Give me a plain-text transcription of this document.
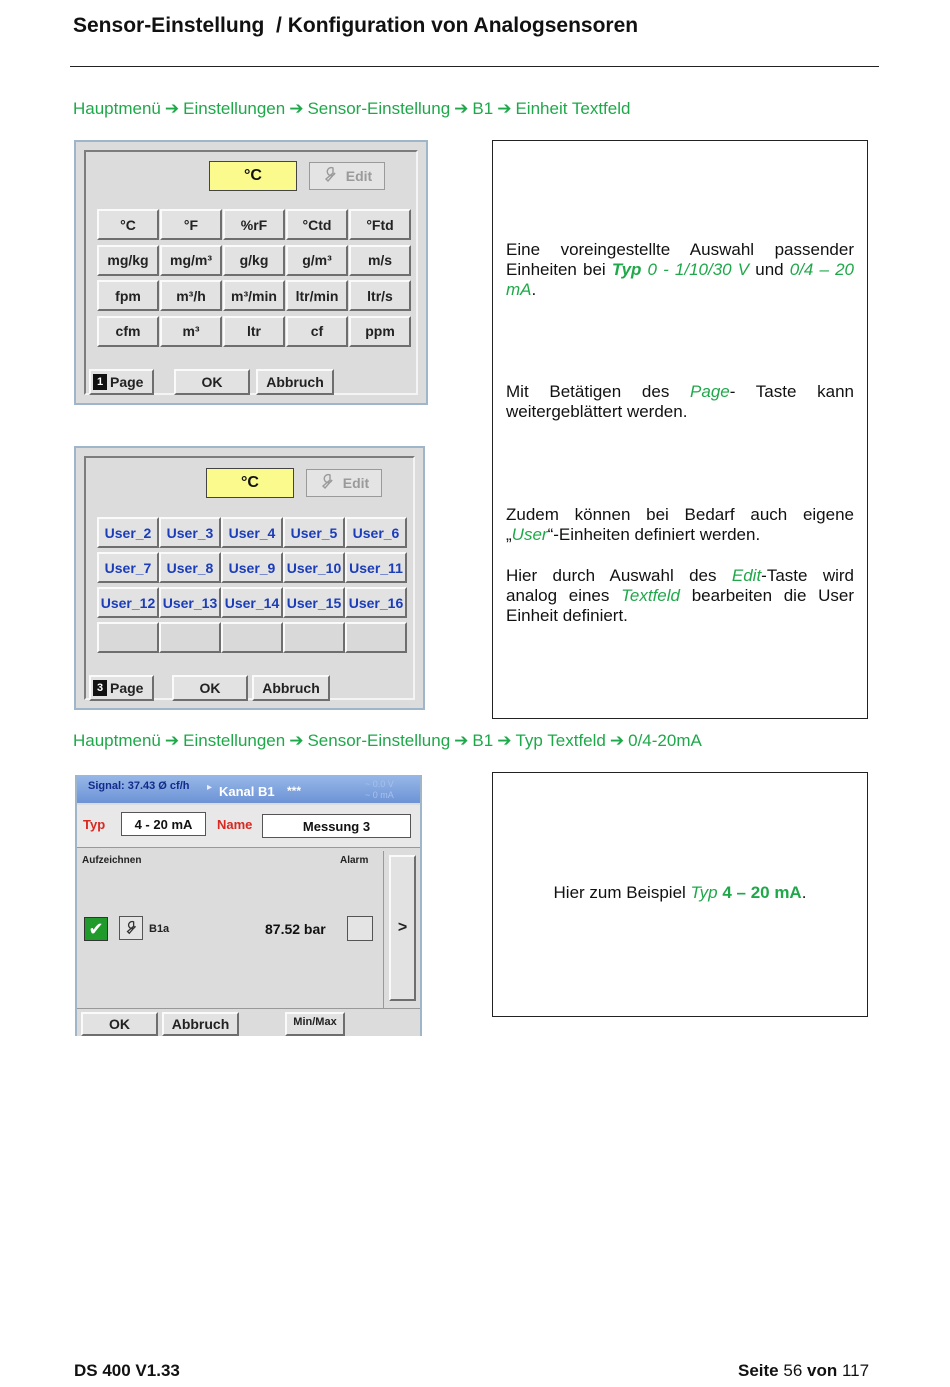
Sensor-Einstellung  / Konfiguration von Analogsensoren
Hauptmenü ➔ Einstellungen ➔ Sensor-Einstellung ➔ B1 ➔ Einheit Textfeld
°C	Edit
°C	°F	%rF	°Ctd	°Ftd
mg/kg	mg/m³	g/kg	g/m³	m/s
fpm	m³/h	m³/min	ltr/min	ltr/s
cfm	m³	ltr	cf	ppm
1 Page	OK	Abbruch
°C	Edit
User_2	User_3	User_4	User_5	User_6
User_7	User_8	User_9 User_10 User_11
User_12 User_13 User_14 User_15 User_16
3 Page	OK	Abbruch
Eine voreingestellte Auswahl passender Einheiten bei Typ 0 - 1/10/30 V und 0/4 – 20 mA.
Mit Betätigen des Page- Taste kann weitergeblättert werden.
Zudem können bei Bedarf auch eigene „User“-Einheiten definiert werden.
Hier durch Auswahl des Edit-Taste wird analog eines Textfeld bearbeiten die User Einheit definiert.
Hauptmenü ➔ Einstellungen ➔ Sensor-Einstellung ➔ B1 ➔ Typ Textfeld ➔ 0/4-20mA
Signal: 37.43 Ø cf/h ▸ Kanal B1 ***	~ 0.0 V
~ 0 mA
Typ	4 - 20 mA	Name	Messung 3
Aufzeichnen	Alarm
✔	B1a	87.52 bar	>
OK	Abbruch	Min/Max
Hier zum Beispiel Typ 4 – 20 mA.
DS 400 V1.33	Seite 56 von 117
